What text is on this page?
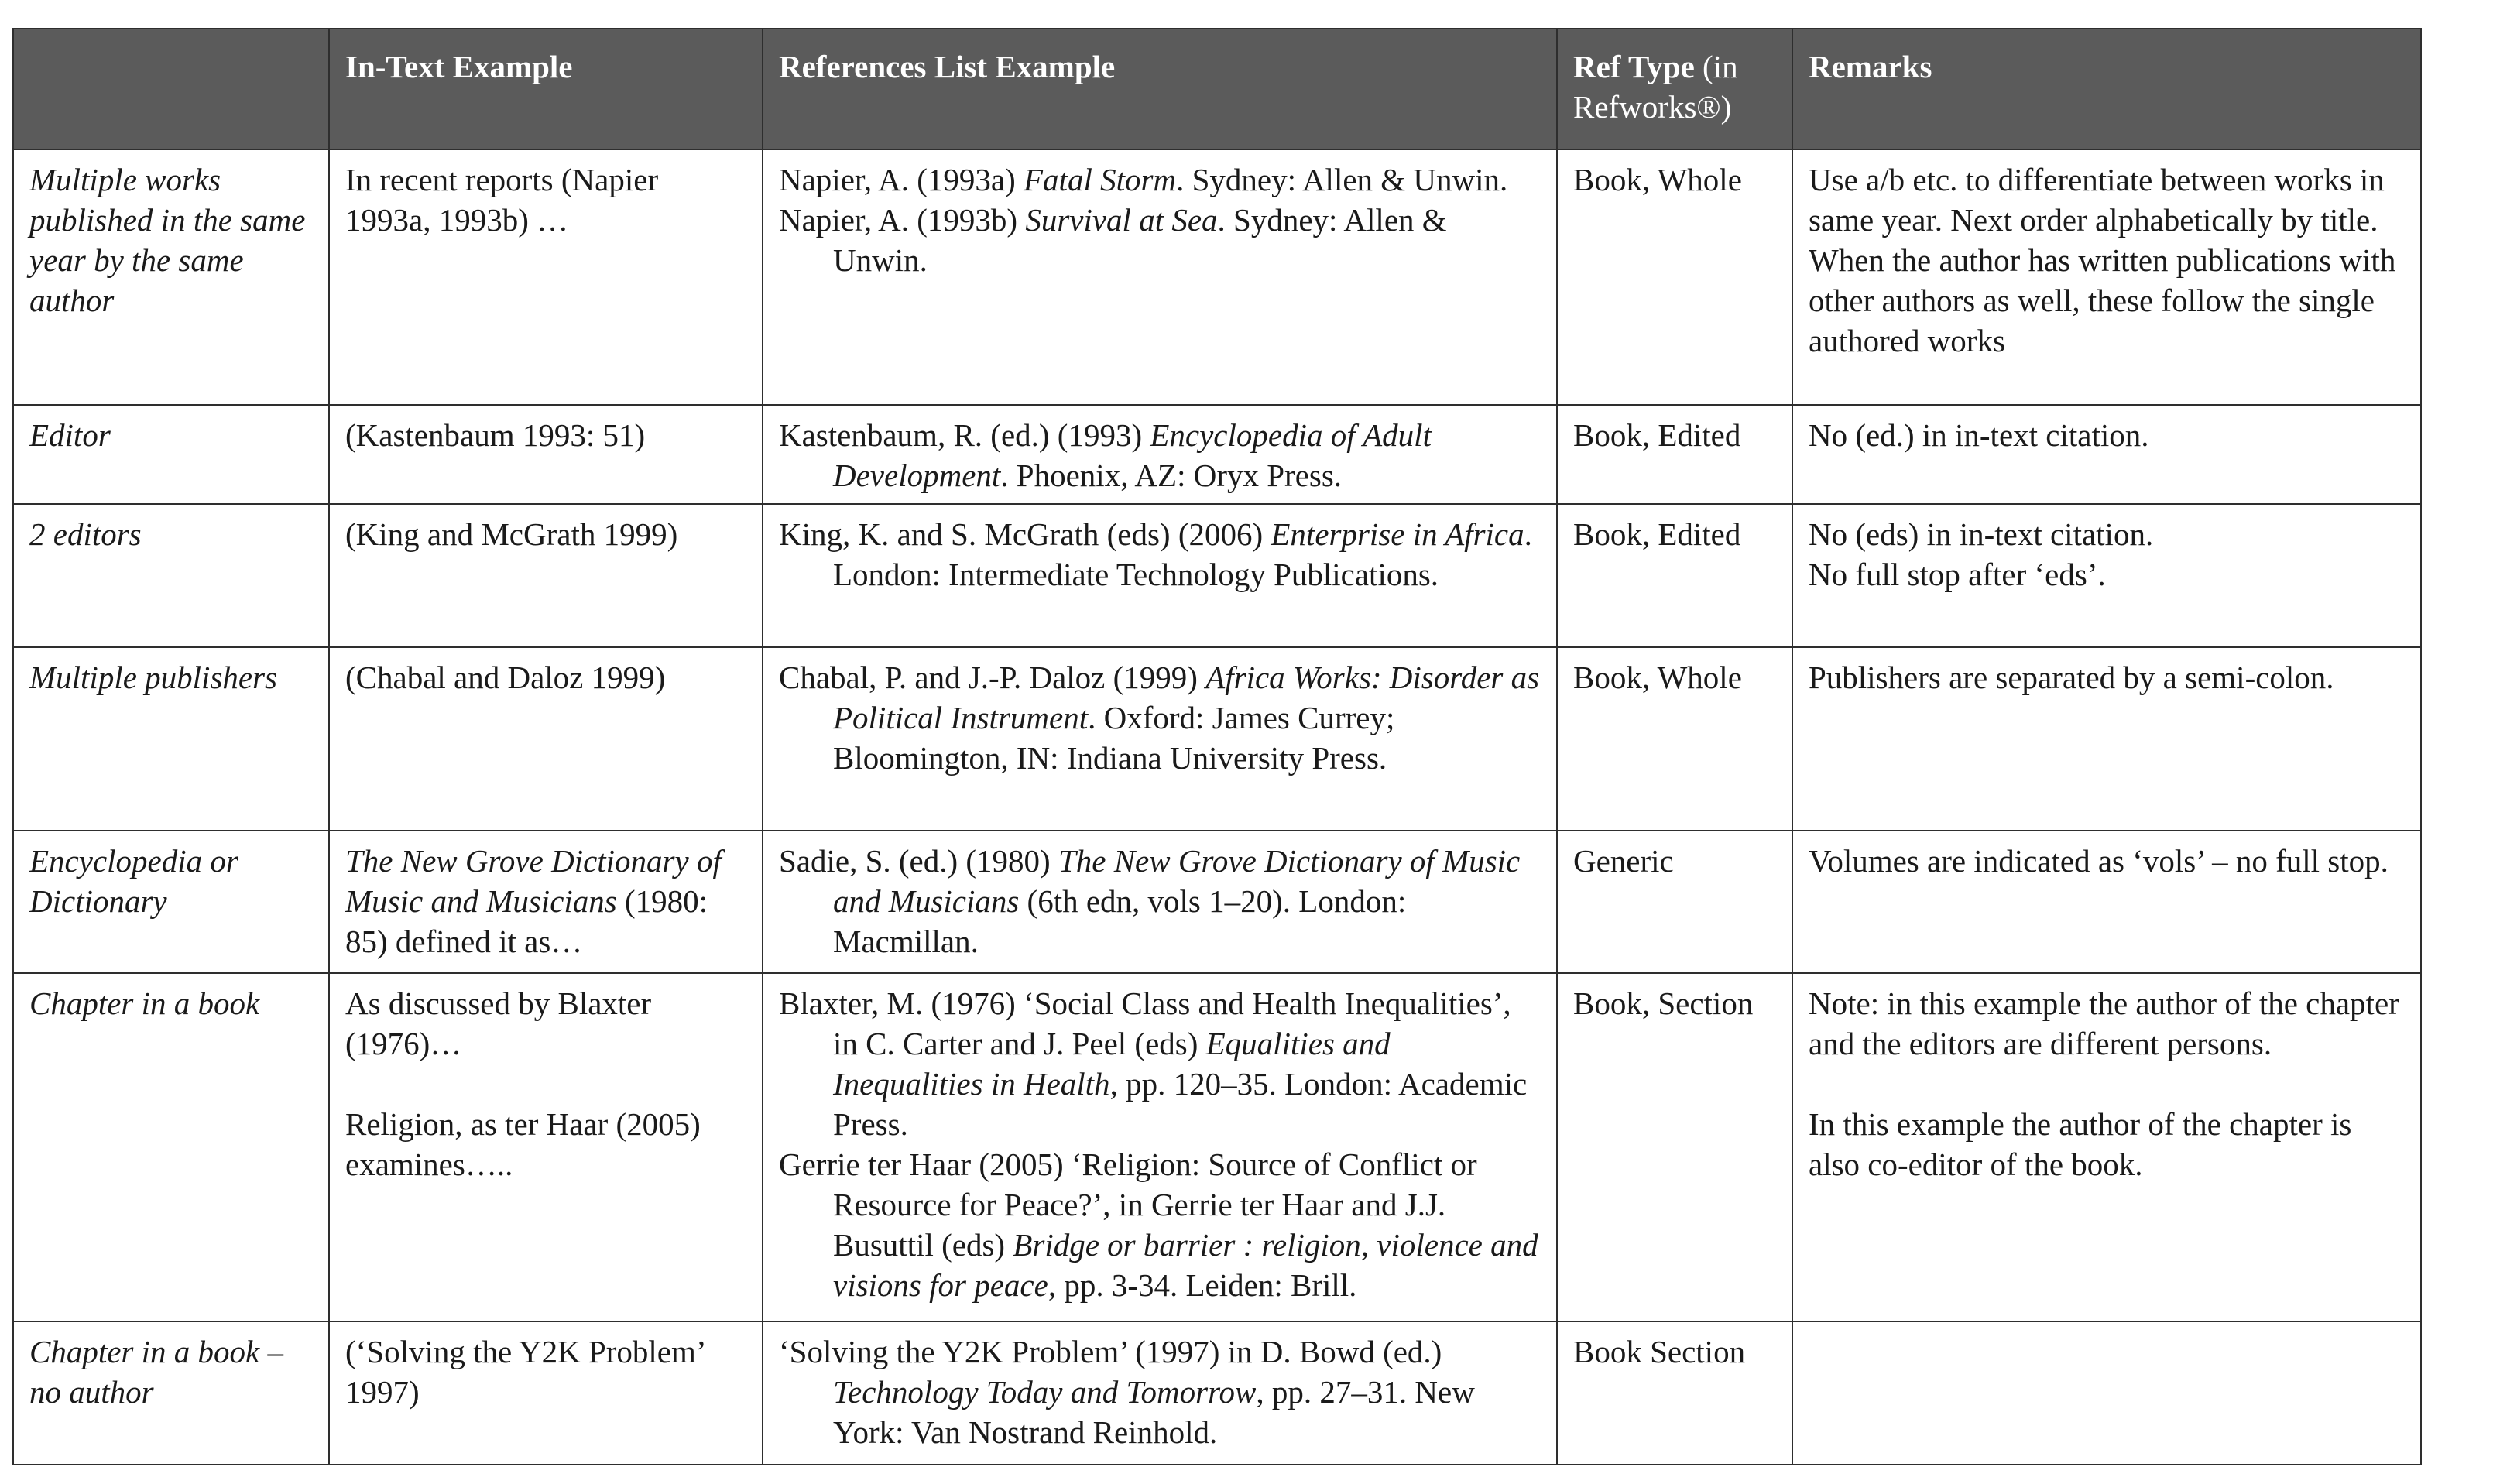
	In-Text Example	References List Example	Ref Type (in
Refworks®)	Remarks
Multiple works published in the same year by the same author	In recent reports (Napier 1993a, 1993b) …	Napier, A. (1993a) Fatal Storm. Sydney: Allen & Unwin.
Napier, A. (1993b) Survival at Sea. Sydney: Allen & Unwin.	Book, Whole	Use a/b etc. to differentiate between works in same year. Next order alphabetically by title. When the author has written publications with other authors as well, these follow the single authored works

Editor	(Kastenbaum 1993: 51)	Kastenbaum, R. (ed.) (1993) Encyclopedia of Adult Development. Phoenix, AZ: Oryx Press.	Book, Edited	No (ed.) in in-text citation.

2 editors	(King and McGrath 1999)	King, K. and S. McGrath (eds) (2006) Enterprise in Africa. London: Intermediate Technology Publications.	Book, Edited	No (eds) in in-text citation.
No full stop after ‘eds’.

Multiple publishers	(Chabal and Daloz 1999)	Chabal, P. and J.-P. Daloz (1999) Africa Works: Disorder as Political Instrument. Oxford: James Currey; Bloomington, IN: Indiana University Press.	Book, Whole	Publishers are separated by a semi-colon.

Encyclopedia or Dictionary	The New Grove Dictionary of Music and Musicians (1980: 85) defined it as…	Sadie, S. (ed.) (1980) The New Grove Dictionary of Music and Musicians (6th edn, vols 1–20). London: Macmillan.	Generic	Volumes are indicated as ‘vols’ – no full stop.

Chapter in a book	As discussed by Blaxter (1976)…
Religion, as ter Haar (2005) examines…..	Blaxter, M. (1976) ‘Social Class and Health Inequalities’, in C. Carter and J. Peel (eds) Equalities and Inequalities in Health, pp. 120–35. London: Academic Press.
Gerrie ter Haar (2005) ‘Religion: Source of Conflict or Resource for Peace?’, in Gerrie ter Haar and J.J. Busuttil (eds) Bridge or barrier : religion, violence and visions for peace, pp. 3-34. Leiden: Brill.	Book, Section	Note: in this example the author of the chapter and the editors are different persons.
In this example the author of the chapter is also co-editor of the book.

Chapter in a book – no author	(‘Solving the Y2K Problem’ 1997)	‘Solving the Y2K Problem’ (1997) in D. Bowd (ed.) Technology Today and Tomorrow, pp. 27–31. New York: Van Nostrand Reinhold.	Book Section	
